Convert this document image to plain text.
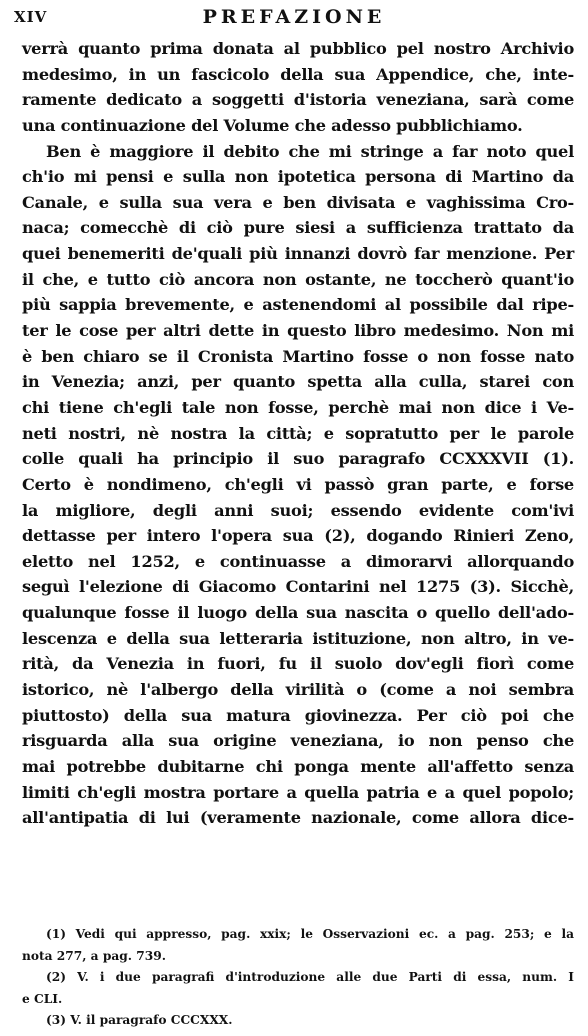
XIV	PREFAZIONE
verrà quanto prima donata al pubblico pel nostro Archivio
medesimo, in un fascicolo della sua Appendice, che, inte-
ramente dedicato a soggetti d'istoria veneziana, sarà come
una continuazione del Volume che adesso pubblichiamo.
Ben è maggiore il debito che mi stringe a far noto quel
ch'io mi pensi e sulla non ipotetica persona di Martino da
Canale, e sulla sua vera e ben divisata e vaghissima Cro-
naca; comecchè di ciò pure siesi a sufficienza trattato da
quei benemeriti de'quali più innanzi dovrò far menzione. Per
il che, e tutto ciò ancora non ostante, ne toccherò quant'io
più sappia brevemente, e astenendomi al possibile dal ripe-
ter le cose per altri dette in questo libro medesimo. Non mi
è ben chiaro se il Cronista Martino fosse o non fosse nato
in Venezia; anzi, per quanto spetta alla culla, starei con
chi tiene ch'egli tale non fosse, perchè mai non dice i Ve-
neti nostri, nè nostra la città; e sopratutto per le parole
colle quali ha principio il suo paragrafo CCXXXVII (1).
Certo è nondimeno, ch'egli vi passò gran parte, e forse
la migliore, degli anni suoi; essendo evidente com'ivi
dettasse per intero l'opera sua (2), dogando Rinieri Zeno,
eletto nel 1252, e continuasse a dimorarvi allorquando
seguì l'elezione di Giacomo Contarini nel 1275 (3). Sicchè,
qualunque fosse il luogo della sua nascita o quello dell'ado-
lescenza e della sua letteraria istituzione, non altro, in ve-
rità, da Venezia in fuori, fu il suolo dov'egli fiorì come
istorico, nè l'albergo della virilità o (come a noi sembra
piuttosto) della sua matura giovinezza. Per ciò poi che
risguarda alla sua origine veneziana, io non penso che
mai potrebbe dubitarne chi ponga mente all'affetto senza
limiti ch'egli mostra portare a quella patria e a quel popolo;
all'antipatia di lui (veramente nazionale, come allora dice-
(1) Vedi qui appresso, pag. xxix; le Osservazioni ec. a pag. 253; e la
nota 277, a pag. 739.
(2) V. i due paragrafi d'introduzione alle due Parti di essa, num. I
e CLI.
(3) V. il paragrafo CCCXXX.
